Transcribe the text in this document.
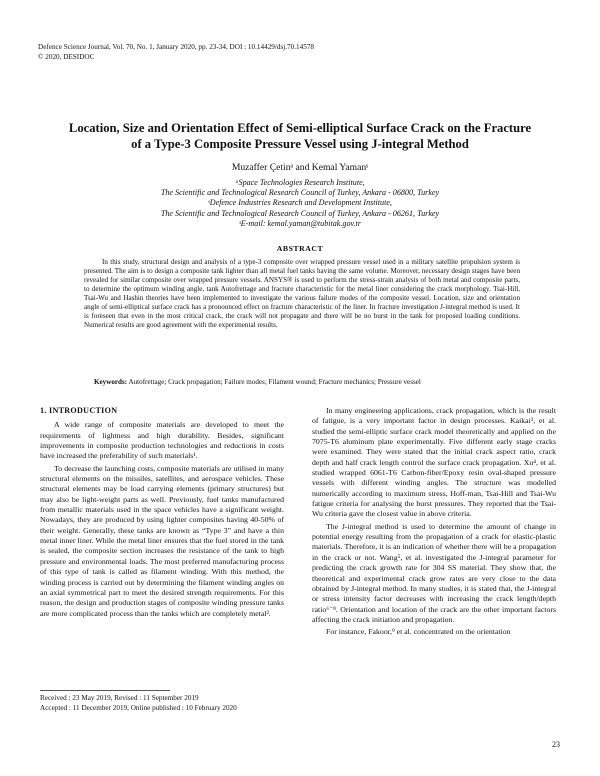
Defence Science Journal, Vol. 70, No. 1, January 2020, pp. 23-34, DOI : 10.14429/dsj.70.14578
© 2020, DESIDOC
Location, Size and Orientation Effect of Semi-elliptical Surface Crack on the Fracture
of a Type-3 Composite Pressure Vessel using J-integral Method
Muzaffer Çetinᵃ and Kemal Yamanˢ
ᵃSpace Technologies Research Institute,
The Scientific and Technological Research Council of Turkey, Ankara - 06800, Turkey
ˢDefence Industries Research and Development Institute,
The Scientific and Technological Research Council of Turkey, Ankara - 06261, Turkey
ˢE-mail: kemal.yaman@tubitak.gov.tr
ABSTRACT
In this study, structural design and analysis of a type-3 composite over wrapped pressure vessel used in a military satellite propulsion system is presented. The aim is to design a composite tank lighter than all metal fuel tanks having the same volume. Moreover, necessary design stages have been revealed for similar composite over wrapped pressure vessels. ANSYS® is used to perform the stress-strain analysis of both metal and composite parts, to determine the optimum winding angle, tank Autofrettage and fracture characteristic for the metal liner considering the crack morphology. Tsai-Hill, Tsai-Wu and Hashin theories have been implemented to investigate the various failure modes of the composite vessel. Location, size and orientation angle of semi-elliptical surface crack has a pronounced effect on fracture characteristic of the liner. In fracture investigation J-integral method is used. It is foreseen that even in the most critical crack, the crack will not propagate and there will be no burst in the tank for proposed loading conditions. Numerical results are good agreement with the experimental results.
Keywords: Autofrettage; Crack propagation; Failure modes; Filament wound; Fracture mechanics; Pressure vessel
1. INTRODUCTION

A wide range of composite materials are developed to meet the requirements of lightness and high durability. Besides, significant improvements in composite production technologies and reductions in costs have increased the preferability of such materials¹.

To decrease the launching costs, composite materials are utilised in many structural elements on the missiles, satellites, and aerospace vehicles. These structural elements may be load carrying elements (primary structures) but may also be light-weight parts as well. Previously, fuel tanks manufactured from metallic materials used in the space vehicles have a significant weight. Nowadays, they are produced by using lighter composites having 40-50% of their weight. Generally, these tanks are known as “Type 3” and have a thin metal inner liner. While the metal liner ensures that the fuel stored in the tank is sealed, the composite section increases the resistance of the tank to high pressure and environmental loads. The most preferred manufacturing process of this type of tank is called as filament winding. With this method, the winding process is carried out by determining the filament winding angles on an axial symmetrical part to meet the desired strength requirements. For this reason, the design and production stages of composite winding pressure tanks are more complicated process than the tanks which are completely metal².

In many engineering applications, crack propagation, which is the result of fatigue, is a very important factor in design processes. Kaikai³, et al. studied the semi-elliptic surface crack model theoretically and applied on the 7075-T6 aluminum plate experimentally. Five different early stage cracks were examined. They were stated that the initial crack aspect ratio, crack depth and half crack length control the surface crack propagation. Xu⁴, et al. studied wrapped 6061-T6 Carbon-fiber/Epoxy resin oval-shaped pressure vessels with different winding angles. The structure was modelled numerically according to maximum stress, Hoff-man, Tsai-Hill and Tsai-Wu fatigue criteria for analysing the burst pressures. They reported that the Tsai-Wu criteria gave the closest value in above criteria.

The J-integral method is used to determine the amount of change in potential energy resulting from the propagation of a crack for elastic-plastic materials. Therefore, it is an indication of whether there will be a propagation in the crack or not. Wang⁵, et al. investigated the J-integral parameter for predicting the crack growth rate for 304 SS material. They show that, the theoretical and experimental crack grow rates are very close to the data obtained by J-integral method. In many studies, it is stated that, the J-integral or stress intensity factor decreases with increasing the crack length/depth ratio⁶⁻⁸. Orientation and location of the crack are the other important factors affecting the crack initiation and propagation.

For instance, Fakoor,⁹ et al. concentrated on the orientation

Received : 23 May 2019, Revised : 11 September 2019
Accepted : 11 December 2019, Online published : 10 February 2020
23
